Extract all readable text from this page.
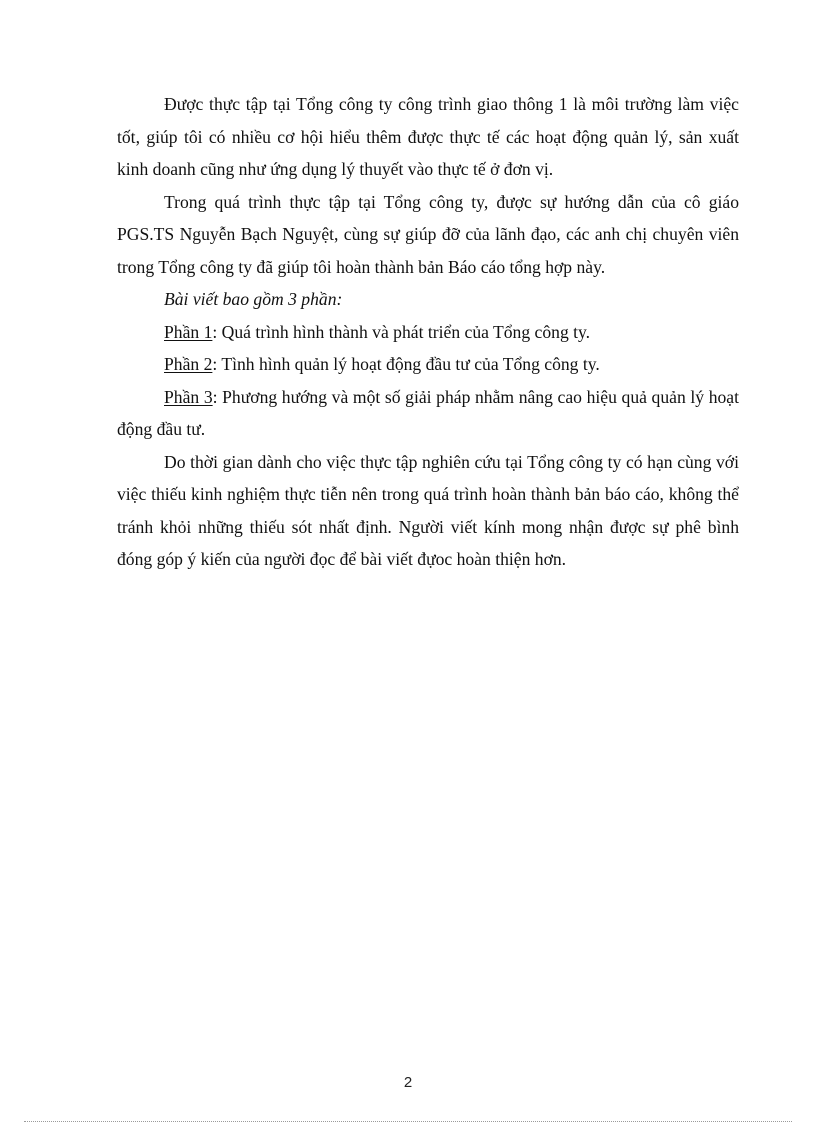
Được thực tập tại Tổng công ty công trình giao thông 1 là môi trường làm việc tốt, giúp tôi có nhiều cơ hội hiểu thêm được thực tế các hoạt động quản lý, sản xuất kinh doanh cũng như ứng dụng lý thuyết vào thực tế ở đơn vị.

Trong quá trình thực tập tại Tổng công ty, được sự hướng dẫn của cô giáo PGS.TS Nguyễn Bạch Nguyệt, cùng sự giúp đỡ của lãnh đạo, các anh chị chuyên viên trong Tổng công ty đã giúp tôi hoàn thành bản Báo cáo tổng hợp này.

Bài viết bao gồm 3 phần:

Phần 1: Quá trình hình thành và phát triển của Tổng công ty.

Phần 2: Tình hình quản lý hoạt động đầu tư của Tổng công ty.

Phần 3: Phương hướng và một số giải pháp nhằm nâng cao hiệu quả quản lý hoạt động đầu tư.

Do thời gian dành cho việc thực tập nghiên cứu tại Tổng công ty có hạn cùng với việc thiếu kinh nghiệm thực tiễn nên trong quá trình hoàn thành bản báo cáo, không thể tránh khỏi những thiếu sót nhất định. Người viết kính mong nhận được sự phê bình đóng góp ý kiến của người đọc để bài viết đựoc hoàn thiện hơn.

2
